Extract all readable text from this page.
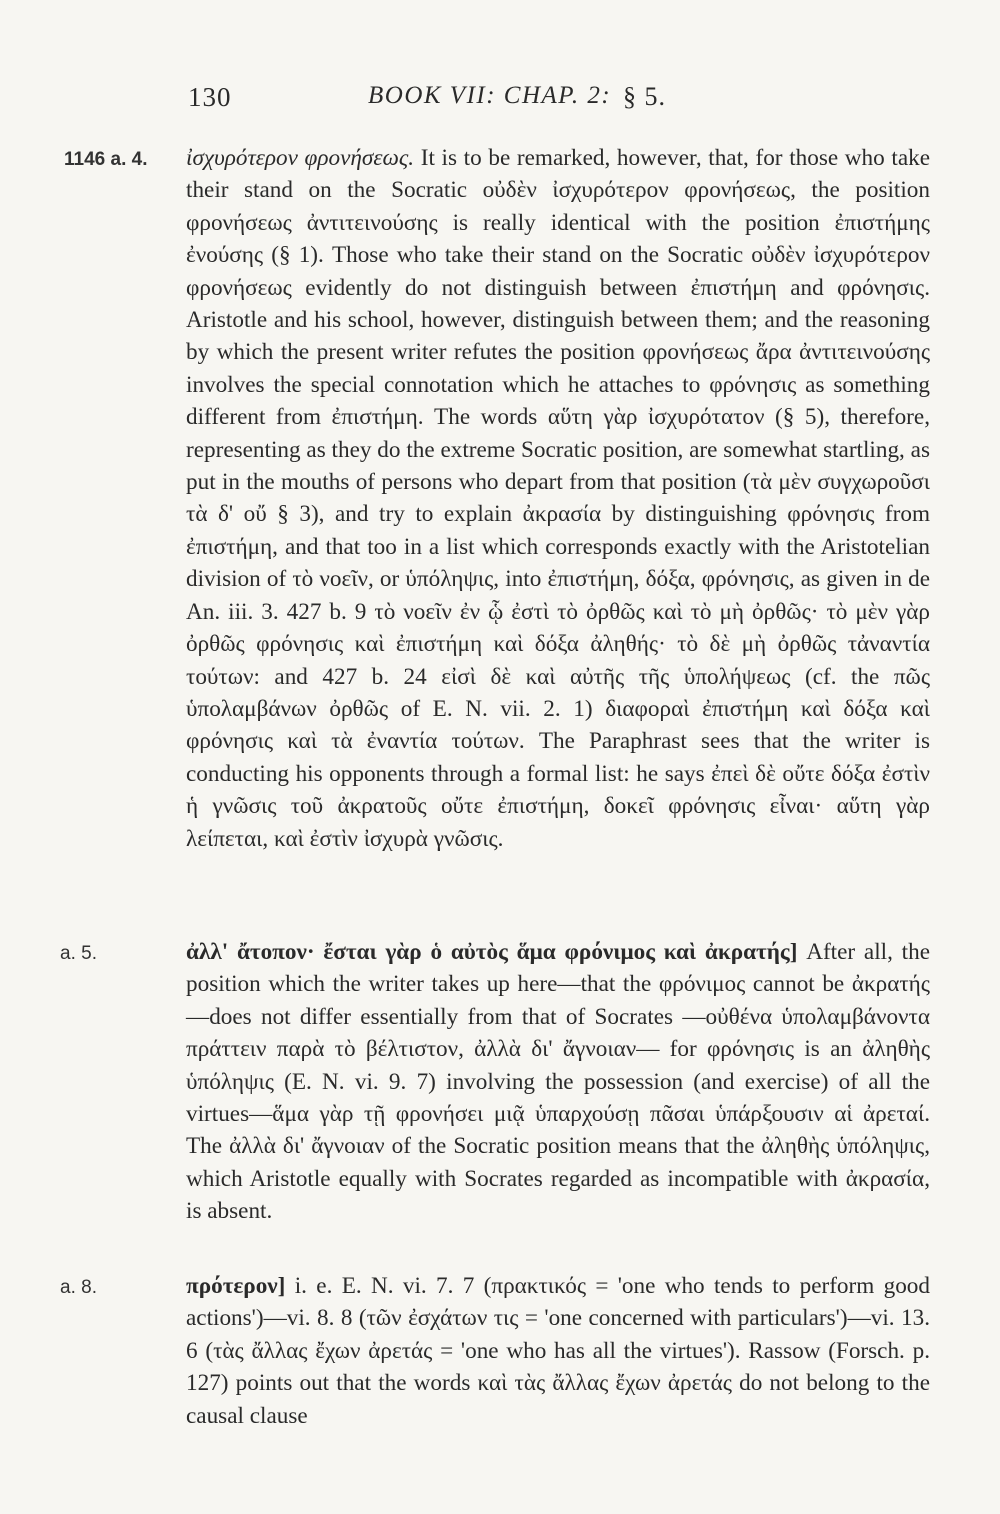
130	BOOK VII: CHAP. 2: § 5.

1146 a. 4. ἰσχυρότερον φρονήσεως. It is to be remarked, however, that, for those who take their stand on the Socratic οὐδὲν ἰσχυρότερον φρονήσεως, the position φρονήσεως ἀντιτεινούσης is really identical with the position ἐπιστήμης ἐνούσης (§ 1). Those who take their stand on the Socratic οὐδὲν ἰσχυρότερον φρονήσεως evidently do not distinguish between ἐπιστήμη and φρόνησις. Aristotle and his school, however, distinguish between them; and the reasoning by which the present writer refutes the position φρονήσεως ἄρα ἀντιτεινούσης involves the special connotation which he attaches to φρόνησις as something different from ἐπιστήμη. The words αὕτη γὰρ ἰσχυρότατον (§ 5), therefore, representing as they do the extreme Socratic position, are somewhat startling, as put in the mouths of persons who depart from that position (τὰ μὲν συγχωροῦσι τὰ δ' οὔ § 3), and try to explain ἀκρασία by distinguishing φρόνησις from ἐπιστήμη, and that too in a list which corresponds exactly with the Aristotelian division of τὸ νοεῖν, or ὑπόληψις, into ἐπιστήμη, δόξα, φρόνησις, as given in de An. iii. 3. 427 b. 9 τὸ νοεῖν ἐν ᾧ ἐστὶ τὸ ὀρθῶς καὶ τὸ μὴ ὀρθῶς· τὸ μὲν γὰρ ὀρθῶς φρόνησις καὶ ἐπιστήμη καὶ δόξα ἀληθής· τὸ δὲ μὴ ὀρθῶς τἀναντία τούτων: and 427 b. 24 εἰσὶ δὲ καὶ αὐτῆς τῆς ὑπολήψεως (cf. the πῶς ὑπολαμβάνων ὀρθῶς of E. N. vii. 2. 1) διαφοραὶ ἐπιστήμη καὶ δόξα καὶ φρόνησις καὶ τὰ ἐναντία τούτων. The Paraphrast sees that the writer is conducting his opponents through a formal list: he says ἐπεὶ δὲ οὔτε δόξα ἐστὶν ἡ γνῶσις τοῦ ἀκρατοῦς οὔτε ἐπιστήμη, δοκεῖ φρόνησις εἶναι· αὕτη γὰρ λείπεται, καὶ ἐστὶν ἰσχυρὰ γνῶσις.

a. 5.	ἀλλ' ἄτοπον· ἔσται γὰρ ὁ αὐτὸς ἅμα φρόνιμος καὶ ἀκρατής] After all, the position which the writer takes up here—that the φρόνιμος cannot be ἀκρατής—does not differ essentially from that of Socrates —οὐθένα ὑπολαμβάνοντα πράττειν παρὰ τὸ βέλτιστον, ἀλλὰ δι' ἄγνοιαν— for φρόνησις is an ἀληθὴς ὑπόληψις (E. N. vi. 9. 7) involving the possession (and exercise) of all the virtues—ἅμα γὰρ τῇ φρονήσει μιᾷ ὑπαρχούσῃ πᾶσαι ὑπάρξουσιν αἱ ἀρεταί. The ἀλλὰ δι' ἄγνοιαν of the Socratic position means that the ἀληθὴς ὑπόληψις, which Aristotle equally with Socrates regarded as incompatible with ἀκρασία, is absent.

a. 8.	πρότερον] i. e. E. N. vi. 7. 7 (πρακτικός = 'one who tends to perform good actions')—vi. 8. 8 (τῶν ἐσχάτων τις = 'one concerned with particulars')—vi. 13. 6 (τὰς ἄλλας ἔχων ἀρετάς = 'one who has all the virtues'). Rassow (Forsch. p. 127) points out that the words καὶ τὰς ἄλλας ἔχων ἀρετάς do not belong to the causal clause
